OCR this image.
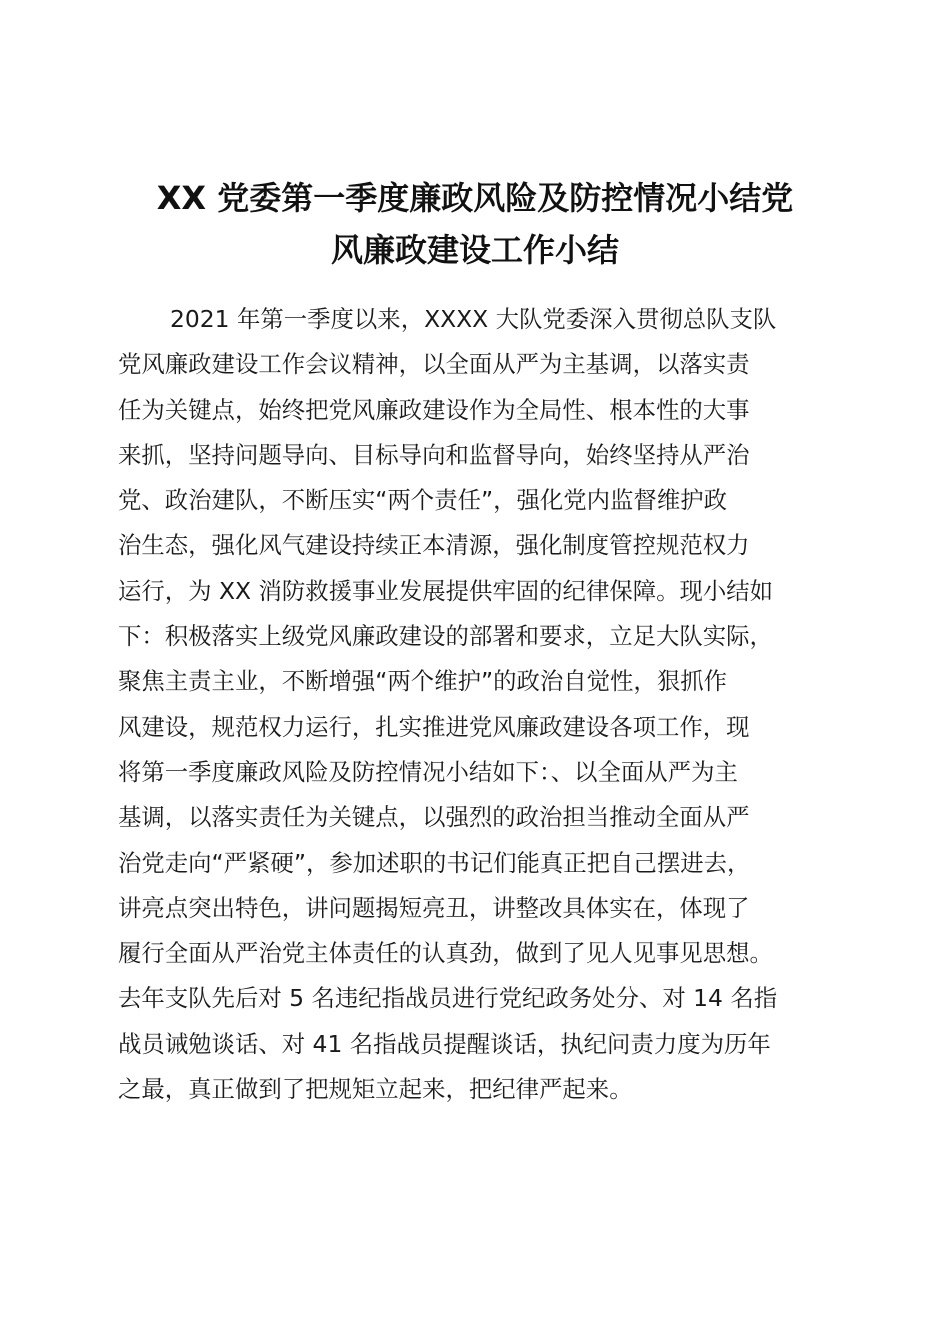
XX 党委第一季度廉政风险及防控情况小结党
风廉政建设工作小结

2021 年第一季度以来，XXXX 大队党委深入贯彻总队支队
党风廉政建设工作会议精神，以全面从严为主基调，以落实责
任为关键点，始终把党风廉政建设作为全局性、根本性的大事
来抓，坚持问题导向、目标导向和监督导向，始终坚持从严治
党、政治建队，不断压实“两个责任”，强化党内监督维护政
治生态，强化风气建设持续正本清源，强化制度管控规范权力
运行，为 XX 消防救援事业发展提供牢固的纪律保障。现小结如
下：积极落实上级党风廉政建设的部署和要求，立足大队实际，
聚焦主责主业，不断增强“两个维护”的政治自觉性，狠抓作
风建设，规范权力运行，扎实推进党风廉政建设各项工作，现
将第一季度廉政风险及防控情况小结如下：、以全面从严为主
基调，以落实责任为关键点，以强烈的政治担当推动全面从严
治党走向“严紧硬”，参加述职的书记们能真正把自己摆进去，
讲亮点突出特色，讲问题揭短亮丑，讲整改具体实在，体现了
履行全面从严治党主体责任的认真劲，做到了见人见事见思想。
去年支队先后对 5 名违纪指战员进行党纪政务处分、对 14 名指
战员诫勉谈话、对 41 名指战员提醒谈话，执纪问责力度为历年
之最，真正做到了把规矩立起来，把纪律严起来。
